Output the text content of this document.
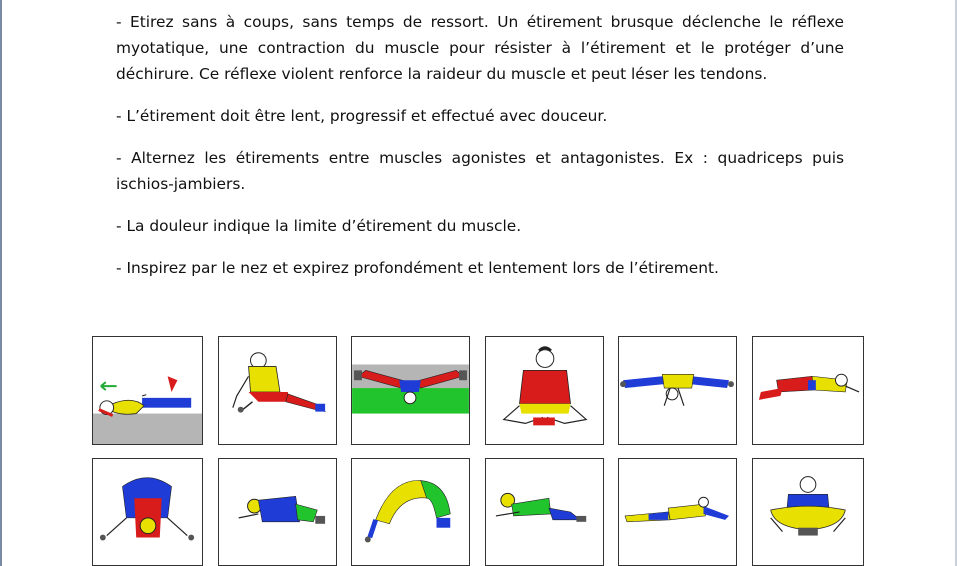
- Etirez sans à coups, sans temps de ressort. Un étirement brusque déclenche le réflexe myotatique, une contraction du muscle pour résister à l’étirement et le protéger d’une déchirure. Ce réflexe violent renforce la raideur du muscle et peut léser les tendons.

- L’étirement doit être lent, progressif et effectué avec douceur.

- Alternez les étirements entre muscles agonistes et antagonistes. Ex : quadriceps puis ischios-jambiers.

- La douleur indique la limite d’étirement du muscle.

- Inspirez par le nez et expirez profondément et lentement lors de l’étirement.
